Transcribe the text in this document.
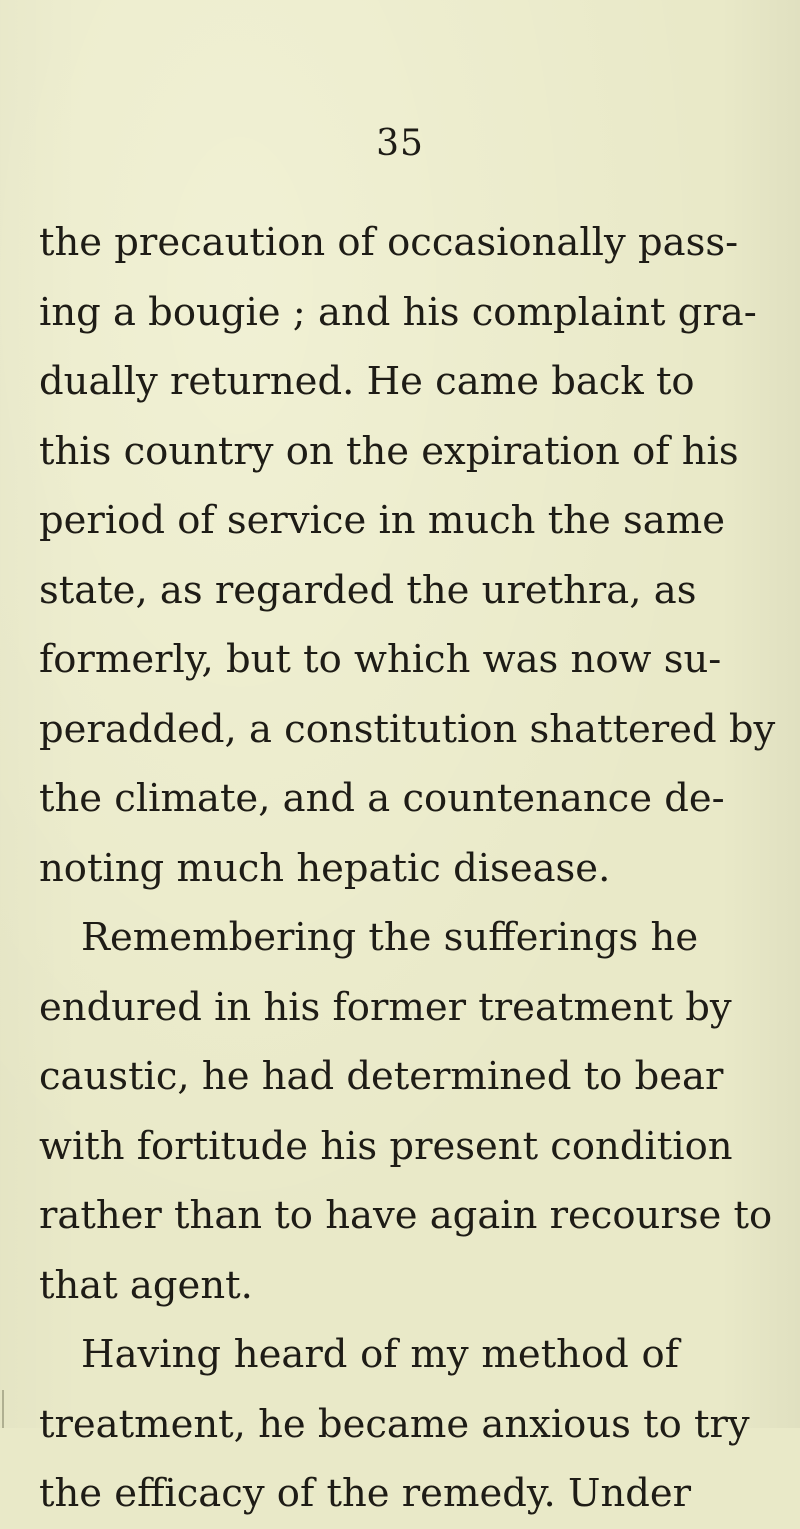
35
the precaution of occasionally pass-
ing a bougie ; and his complaint gra-
dually returned. He came back to
this country on the expiration of his
period of service in much the same
state, as regarded the urethra, as
formerly, but to which was now su-
peradded, a constitution shattered by
the climate, and a countenance de-
noting much hepatic disease.
Remembering the sufferings he
endured in his former treatment by
caustic, he had determined to bear
with fortitude his present condition
rather than to have again recourse to
that agent.
Having heard of my method of
treatment, he became anxious to try
the efficacy of the remedy. Under
